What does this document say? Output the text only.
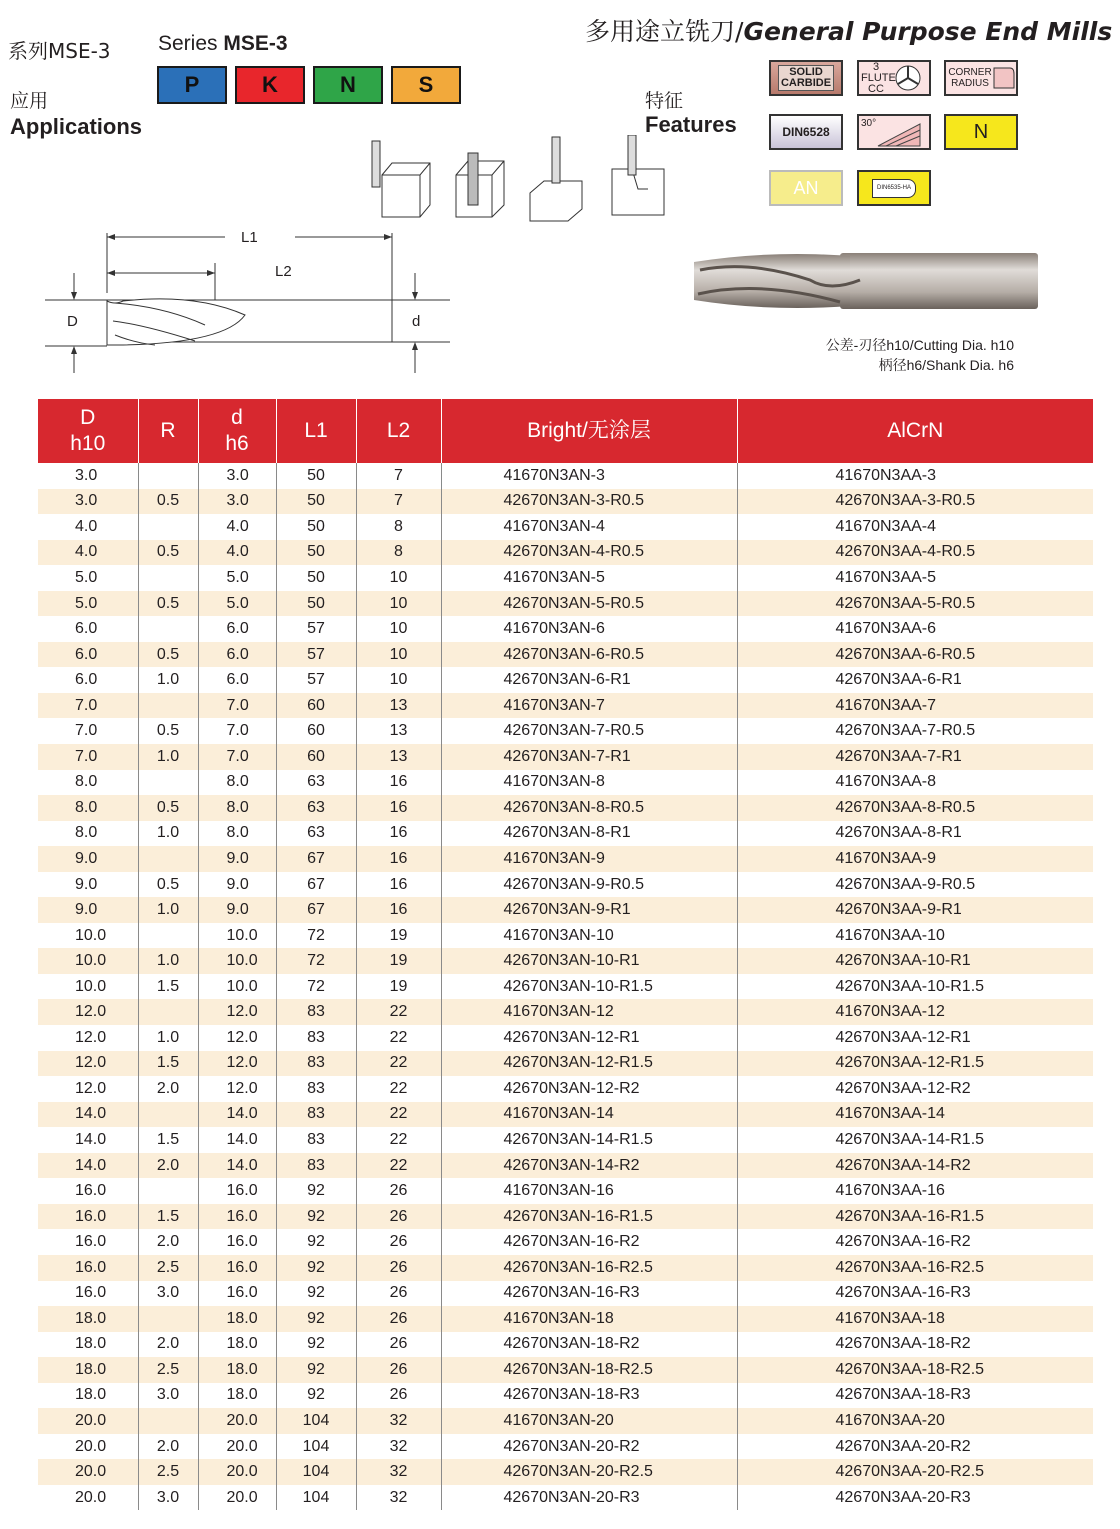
多用途立铣刀/General Purpose End Mills
系列MSE-3 Series MSE-3
应用
Applications
特征
Features
P	K	N	S	SOLID CARBIDE
3 FLUTE CC
CORNER RADIUS
DIN6528
30°	N
AN	DIN6535-HA
L1
L2
D	d
公差-刃径h10/Cutting Dia. h10
柄径h6/Shank Dia. h6
D
h10	R	d
h6	L1	L2	Bright/无涂层	AlCrN
3.0		3.0	50	7	41670N3AN-3	41670N3AA-3
3.0	0.5	3.0	50	7	42670N3AN-3-R0.5	42670N3AA-3-R0.5
4.0		4.0	50	8	41670N3AN-4	41670N3AA-4
4.0	0.5	4.0	50	8	42670N3AN-4-R0.5	42670N3AA-4-R0.5
5.0		5.0	50	10	41670N3AN-5	41670N3AA-5
5.0	0.5	5.0	50	10	42670N3AN-5-R0.5	42670N3AA-5-R0.5
6.0		6.0	57	10	41670N3AN-6	41670N3AA-6
6.0	0.5	6.0	57	10	42670N3AN-6-R0.5	42670N3AA-6-R0.5
6.0	1.0	6.0	57	10	42670N3AN-6-R1	42670N3AA-6-R1
7.0		7.0	60	13	41670N3AN-7	41670N3AA-7
7.0	0.5	7.0	60	13	42670N3AN-7-R0.5	42670N3AA-7-R0.5
7.0	1.0	7.0	60	13	42670N3AN-7-R1	42670N3AA-7-R1
8.0		8.0	63	16	41670N3AN-8	41670N3AA-8
8.0	0.5	8.0	63	16	42670N3AN-8-R0.5	42670N3AA-8-R0.5
8.0	1.0	8.0	63	16	42670N3AN-8-R1	42670N3AA-8-R1
9.0		9.0	67	16	41670N3AN-9	41670N3AA-9
9.0	0.5	9.0	67	16	42670N3AN-9-R0.5	42670N3AA-9-R0.5
9.0	1.0	9.0	67	16	42670N3AN-9-R1	42670N3AA-9-R1
10.0		10.0	72	19	41670N3AN-10	41670N3AA-10
10.0	1.0	10.0	72	19	42670N3AN-10-R1	42670N3AA-10-R1
10.0	1.5	10.0	72	19	42670N3AN-10-R1.5	42670N3AA-10-R1.5
12.0		12.0	83	22	41670N3AN-12	41670N3AA-12
12.0	1.0	12.0	83	22	42670N3AN-12-R1	42670N3AA-12-R1
12.0	1.5	12.0	83	22	42670N3AN-12-R1.5	42670N3AA-12-R1.5
12.0	2.0	12.0	83	22	42670N3AN-12-R2	42670N3AA-12-R2
14.0		14.0	83	22	41670N3AN-14	41670N3AA-14
14.0	1.5	14.0	83	22	42670N3AN-14-R1.5	42670N3AA-14-R1.5
14.0	2.0	14.0	83	22	42670N3AN-14-R2	42670N3AA-14-R2
16.0		16.0	92	26	41670N3AN-16	41670N3AA-16
16.0	1.5	16.0	92	26	42670N3AN-16-R1.5	42670N3AA-16-R1.5
16.0	2.0	16.0	92	26	42670N3AN-16-R2	42670N3AA-16-R2
16.0	2.5	16.0	92	26	42670N3AN-16-R2.5	42670N3AA-16-R2.5
16.0	3.0	16.0	92	26	42670N3AN-16-R3	42670N3AA-16-R3
18.0		18.0	92	26	41670N3AN-18	41670N3AA-18
18.0	2.0	18.0	92	26	42670N3AN-18-R2	42670N3AA-18-R2
18.0	2.5	18.0	92	26	42670N3AN-18-R2.5	42670N3AA-18-R2.5
18.0	3.0	18.0	92	26	42670N3AN-18-R3	42670N3AA-18-R3
20.0		20.0	104	32	41670N3AN-20	41670N3AA-20
20.0	2.0	20.0	104	32	42670N3AN-20-R2	42670N3AA-20-R2
20.0	2.5	20.0	104	32	42670N3AN-20-R2.5	42670N3AA-20-R2.5
20.0	3.0	20.0	104	32	42670N3AN-20-R3	42670N3AA-20-R3
